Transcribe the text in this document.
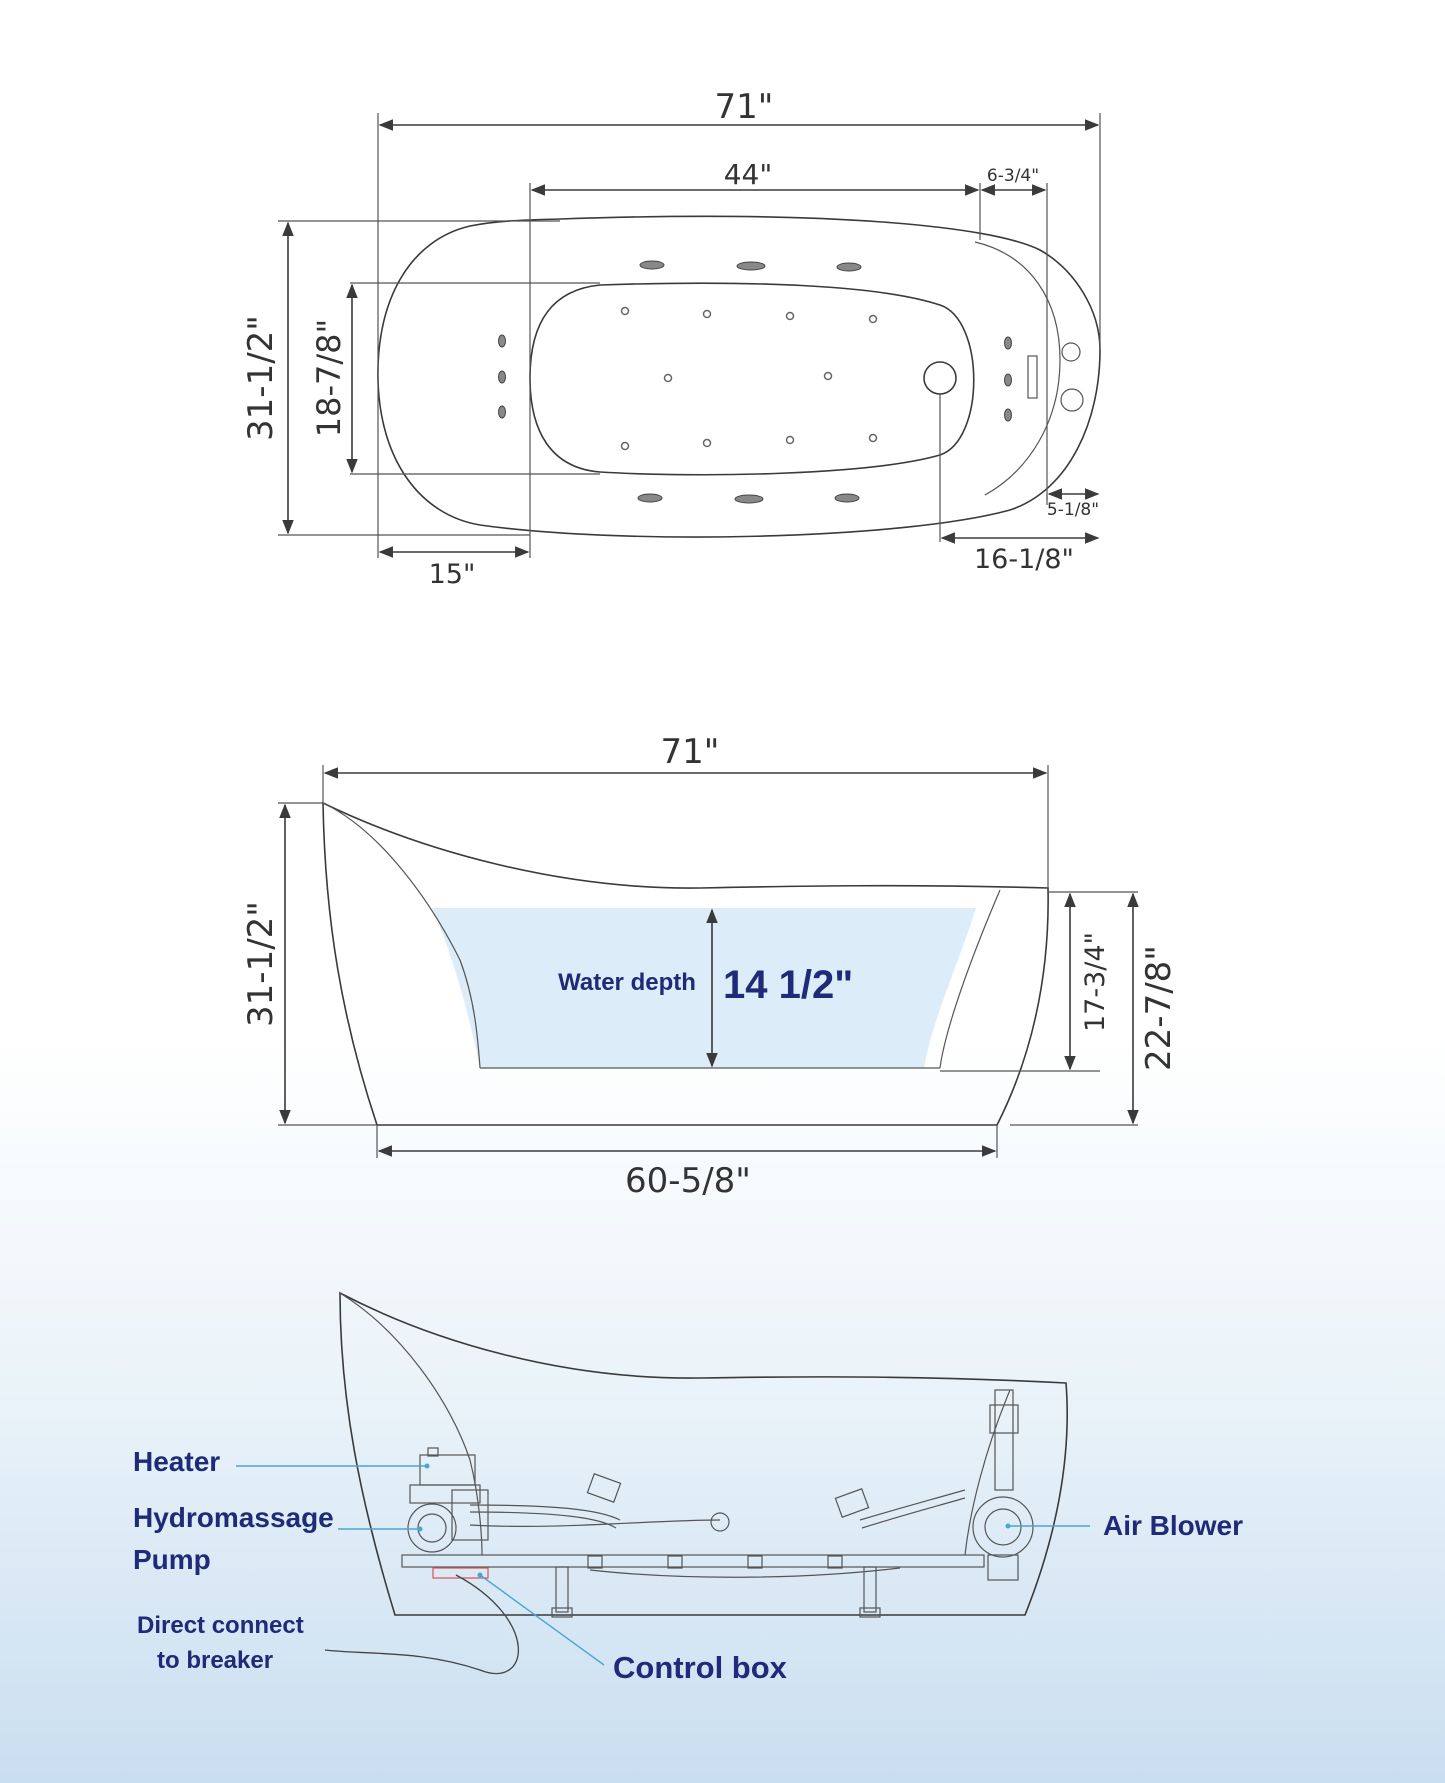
71"
44"	6-3/4"
31-1/2" 18-7/8"
15"	16-1/8"
5-1/8"
71"
31-1/2"
60-5/8"
17-3/4" 22-7/8"
Water depth 14 1/2"
Heater
Hydromassage
Pump
Direct connect
to breaker	Control box
Air Blower
